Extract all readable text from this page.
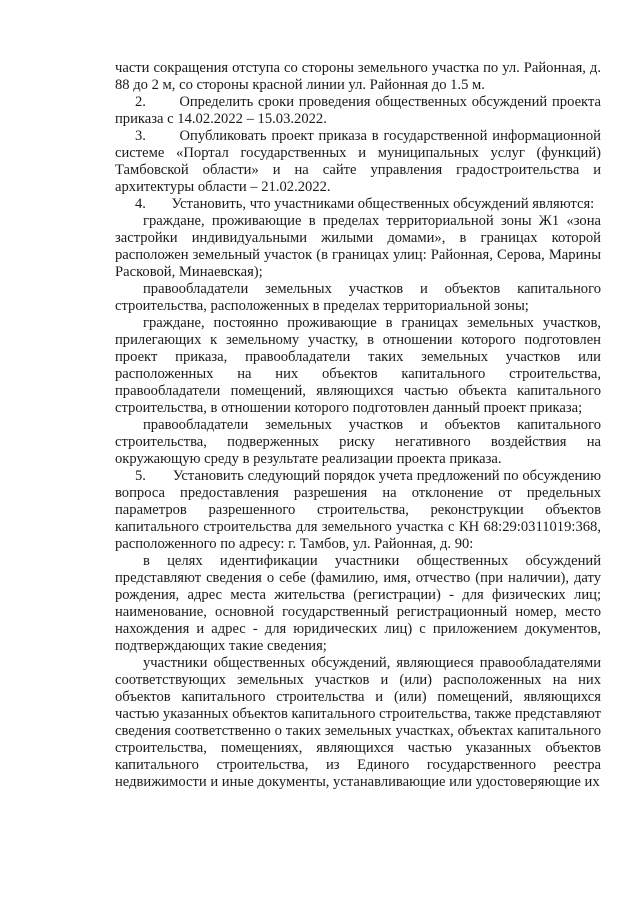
части сокращения отступа со стороны земельного участка по ул. Районная, д. 88 до 2 м, со стороны красной линии ул. Районная до 1.5 м.

2.       Определить сроки проведения общественных обсуждений проекта приказа с 14.02.2022 – 15.03.2022.

3.       Опубликовать проект приказа в государственной информационной системе «Портал государственных и муниципальных услуг (функций) Тамбовской области» и на сайте управления градостроительства и архитектуры области – 21.02.2022.

4.       Установить, что участниками общественных обсуждений являются:

граждане, проживающие в пределах территориальной зоны Ж1 «зона застройки индивидуальными жилыми домами», в границах которой расположен земельный участок (в границах улиц: Районная, Серова, Марины Расковой, Минаевская);

правообладатели земельных участков и объектов капитального строительства, расположенных в пределах территориальной зоны;

граждане, постоянно проживающие в границах земельных участков, прилегающих к земельному участку, в отношении которого подготовлен проект приказа, правообладатели таких земельных участков или расположенных на них объектов капитального строительства, правообладатели помещений, являющихся частью объекта капитального строительства, в отношении которого подготовлен данный проект приказа;

правообладатели земельных участков и объектов капитального строительства, подверженных риску негативного воздействия на окружающую среду в результате реализации проекта приказа.

5.       Установить следующий порядок учета предложений по обсуждению вопроса предоставления разрешения на отклонение от предельных параметров разрешенного строительства, реконструкции объектов капитального строительства для земельного участка с КН 68:29:0311019:368, расположенного по адресу: г. Тамбов, ул. Районная, д. 90:

в целях идентификации участники общественных обсуждений представляют сведения о себе (фамилию, имя, отчество (при наличии), дату рождения, адрес места жительства (регистрации) - для физических лиц; наименование, основной государственный регистрационный номер, место нахождения и адрес - для юридических лиц) с приложением документов, подтверждающих такие сведения;

участники общественных обсуждений, являющиеся правообладателями соответствующих земельных участков и (или) расположенных на них объектов капитального строительства и (или) помещений, являющихся частью указанных объектов капитального строительства, также представляют сведения соответственно о таких земельных участках, объектах капитального строительства, помещениях, являющихся частью указанных объектов капитального строительства, из Единого государственного реестра недвижимости и иные документы, устанавливающие или удостоверяющие их
